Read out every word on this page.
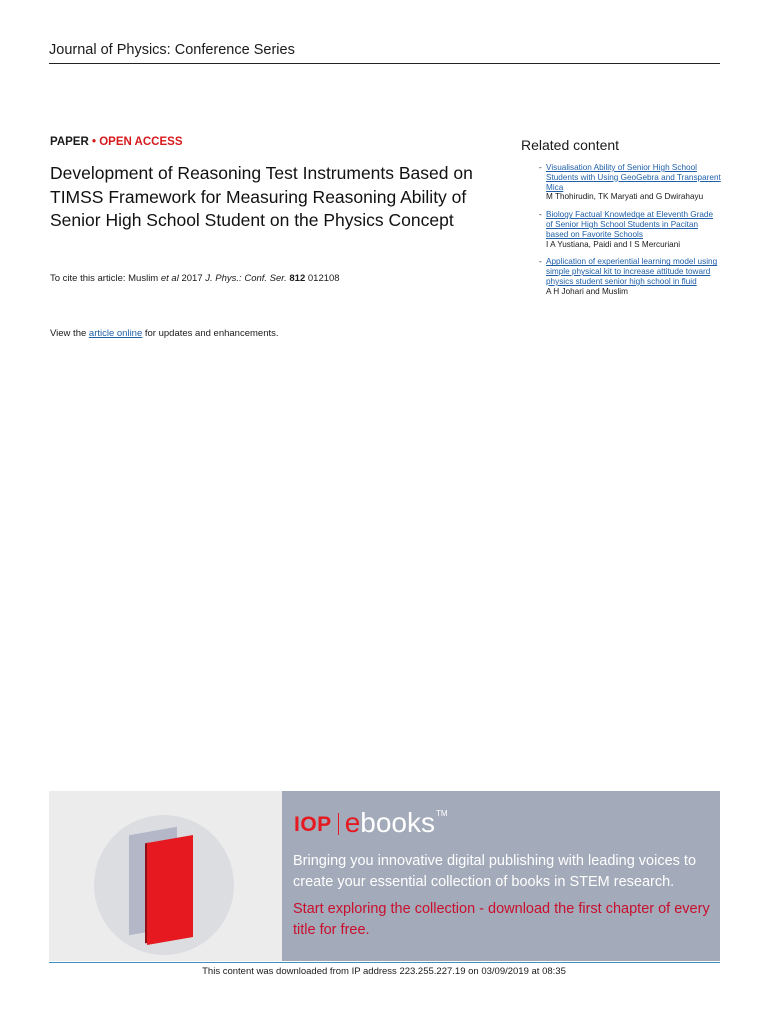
Journal of Physics: Conference Series
PAPER • OPEN ACCESS
Development of Reasoning Test Instruments Based on TIMSS Framework for Measuring Reasoning Ability of Senior High School Student on the Physics Concept
To cite this article: Muslim et al 2017 J. Phys.: Conf. Ser. 812 012108
View the article online for updates and enhancements.
Related content
- Visualisation Ability of Senior High School Students with Using GeoGebra and Transparent Mica
M Thohirudin, TK Maryati and G Dwirahayu
- Biology Factual Knowledge at Eleventh Grade of Senior High School Students in Pacitan based on Favorite Schools
I A Yustiana, Paidi and I S Mercuriani
- Application of experiential learning model using simple physical kit to increase attitude toward physics student senior high school in fluid
A H Johari and Muslim
IOP ebooks TM
Bringing you innovative digital publishing with leading voices to create your essential collection of books in STEM research.
Start exploring the collection - download the first chapter of every title for free.
This content was downloaded from IP address 223.255.227.19 on 03/09/2019 at 08:35
